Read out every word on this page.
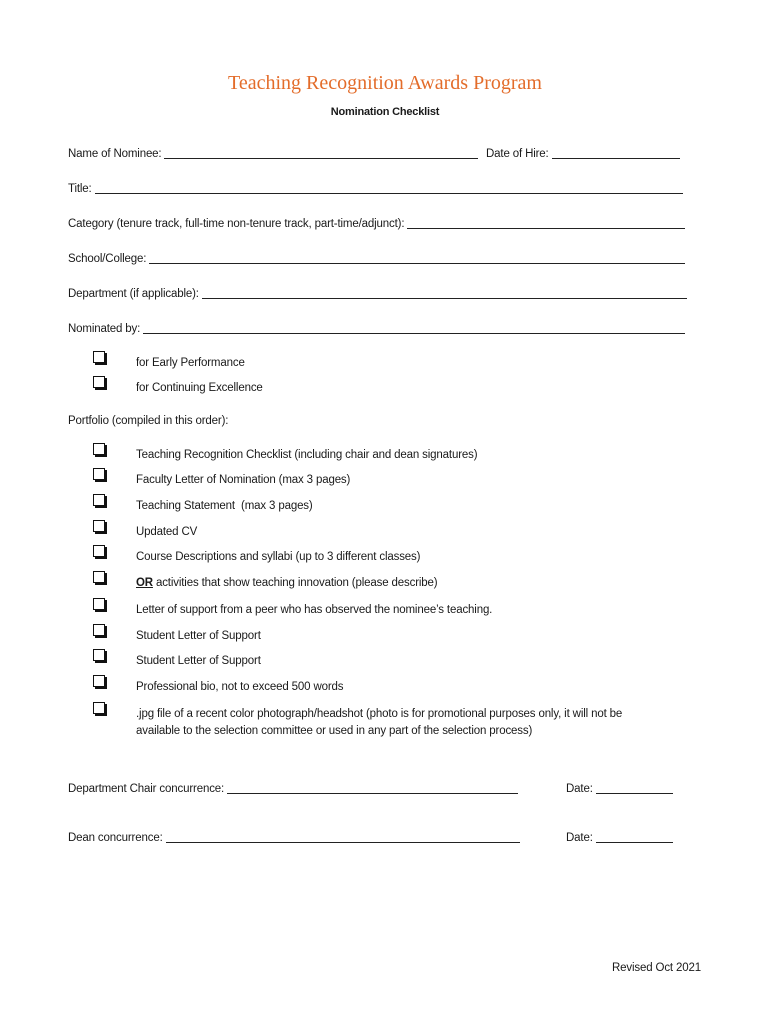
Teaching Recognition Awards Program
Nomination Checklist
Name of Nominee:	Date of Hire:
Title:
Category (tenure track, full-time non-tenure track, part-time/adjunct):
School/College:
Department (if applicable):
Nominated by:
for Early Performance
for Continuing Excellence
Portfolio (compiled in this order):
Teaching Recognition Checklist (including chair and dean signatures)
Faculty Letter of Nomination (max 3 pages)
Teaching Statement  (max 3 pages)
Updated CV
Course Descriptions and syllabi (up to 3 different classes)
OR activities that show teaching innovation (please describe)
Letter of support from a peer who has observed the nominee’s teaching.
Student Letter of Support
Student Letter of Support
Professional bio, not to exceed 500 words
.jpg file of a recent color photograph/headshot (photo is for promotional purposes only, it will not be
available to the selection committee or used in any part of the selection process)
Department Chair concurrence:	Date:
Dean concurrence:	Date:
Revised Oct 2021
